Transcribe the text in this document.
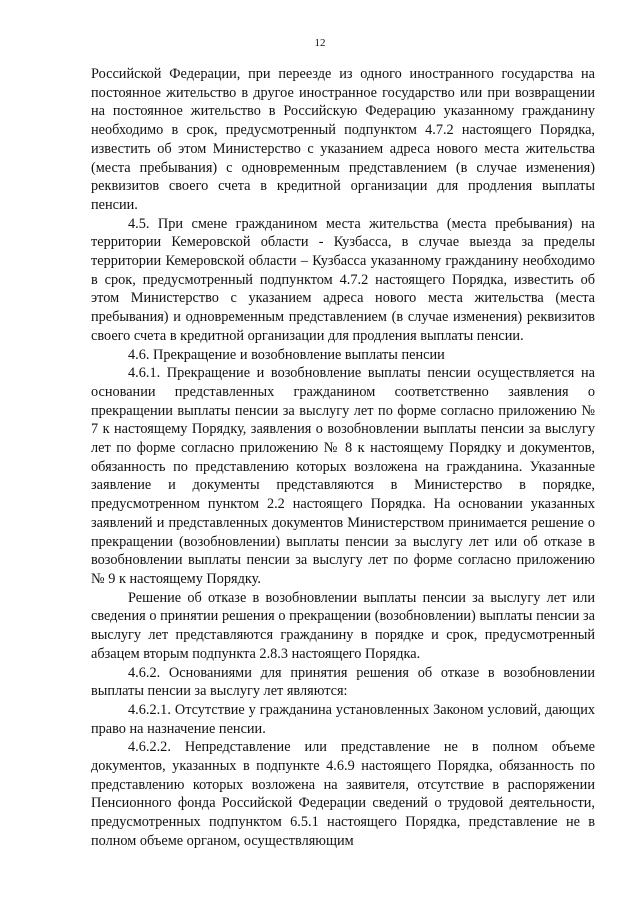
12

Российской Федерации, при переезде из одного иностранного государства на постоянное жительство в другое иностранное государство или при возвращении на постоянное жительство в Российскую Федерацию указанному гражданину необходимо в срок, предусмотренный подпунктом 4.7.2 настоящего Порядка, известить об этом Министерство с указанием адреса нового места жительства (места пребывания) с одновременным представлением (в случае изменения) реквизитов своего счета в кредитной организации для продления выплаты пенсии.

4.5. При смене гражданином места жительства (места пребывания) на территории Кемеровской области - Кузбасса, в случае выезда за пределы территории Кемеровской области – Кузбасса указанному гражданину необходимо в срок, предусмотренный подпунктом 4.7.2 настоящего Порядка, известить об этом Министерство с указанием адреса нового места жительства (места пребывания) и одновременным представлением (в случае изменения) реквизитов своего счета в кредитной организации для продления выплаты пенсии.

4.6. Прекращение и возобновление выплаты пенсии

4.6.1. Прекращение и возобновление выплаты пенсии осуществляется на основании представленных гражданином соответственно заявления о прекращении выплаты пенсии за выслугу лет по форме согласно приложению № 7 к настоящему Порядку, заявления о возобновлении выплаты пенсии за выслугу лет по форме согласно приложению № 8 к настоящему Порядку и документов, обязанность по представлению которых возложена на гражданина. Указанные заявление и документы представляются в Министерство в порядке, предусмотренном пунктом 2.2 настоящего Порядка. На основании указанных заявлений и представленных документов Министерством принимается решение о прекращении (возобновлении) выплаты пенсии за выслугу лет или об отказе в возобновлении выплаты пенсии за выслугу лет по форме согласно приложению № 9 к настоящему Порядку.

Решение об отказе в возобновлении выплаты пенсии за выслугу лет или сведения о принятии решения о прекращении (возобновлении) выплаты пенсии за выслугу лет представляются гражданину в порядке и срок, предусмотренный абзацем вторым подпункта 2.8.3 настоящего Порядка.

4.6.2. Основаниями для принятия решения об отказе в возобновлении выплаты пенсии за выслугу лет являются:

4.6.2.1. Отсутствие у гражданина установленных Законом условий, дающих право на назначение пенсии.

4.6.2.2. Непредставление или представление не в полном объеме документов, указанных в подпункте 4.6.9 настоящего Порядка, обязанность по представлению которых возложена на заявителя, отсутствие в распоряжении Пенсионного фонда Российской Федерации сведений о трудовой деятельности, предусмотренных подпунктом 6.5.1 настоящего Порядка, представление не в полном объеме органом, осуществляющим
